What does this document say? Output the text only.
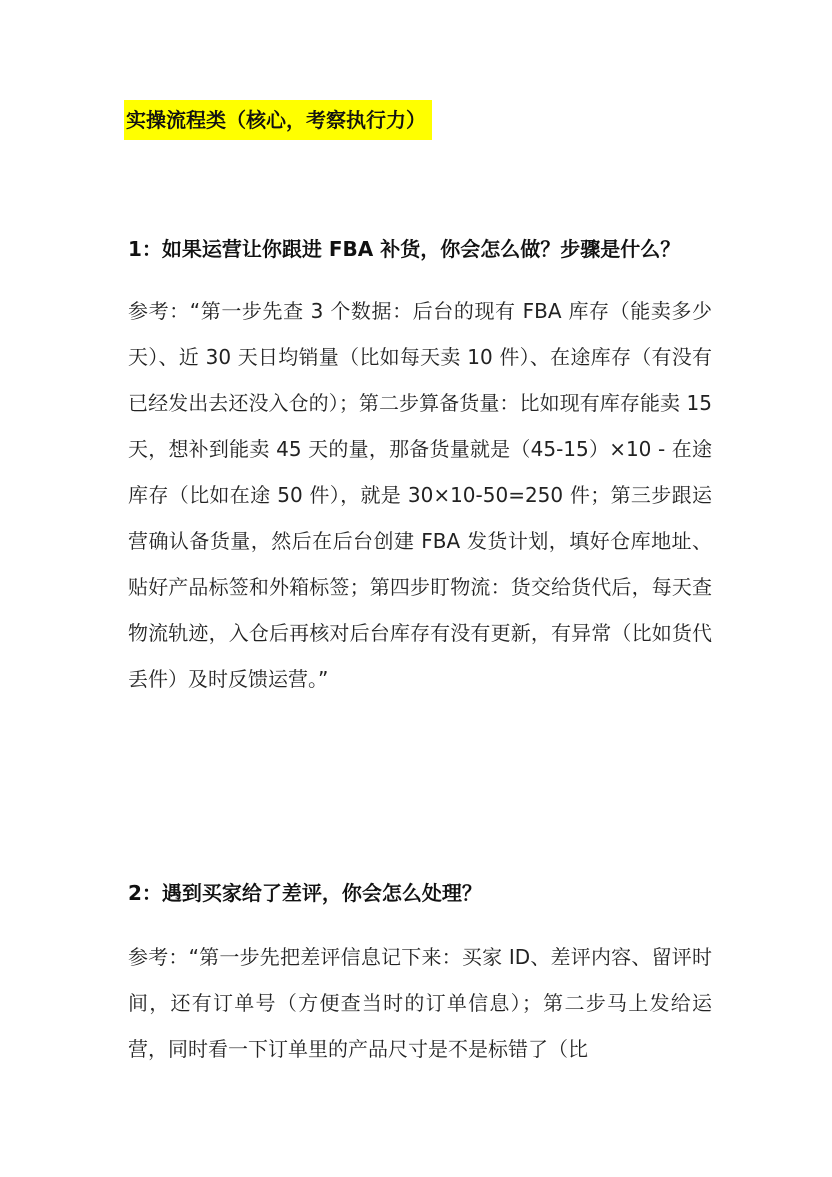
实操流程类（核心，考察执行力）
1：如果运营让你跟进 FBA 补货，你会怎么做？步骤是什么？
参考：“第一步先查 3 个数据：后台的现有 FBA 库存（能卖多少天）、近 30 天日均销量（比如每天卖 10 件）、在途库存（有没有已经发出去还没入仓的）；第二步算备货量：比如现有库存能卖 15 天，想补到能卖 45 天的量，那备货量就是（45-15）×10 - 在途库存（比如在途 50 件），就是 30×10-50=250 件；第三步跟运营确认备货量，然后在后台创建 FBA 发货计划，填好仓库地址、贴好产品标签和外箱标签；第四步盯物流：货交给货代后，每天查物流轨迹，入仓后再核对后台库存有没有更新，有异常（比如货代丢件）及时反馈运营。”
2：遇到买家给了差评，你会怎么处理？
参考：“第一步先把差评信息记下来：买家 ID、差评内容、留评时间，还有订单号（方便查当时的订单信息）；第二步马上发给运营，同时看一下订单里的产品尺寸是不是标错了（比
